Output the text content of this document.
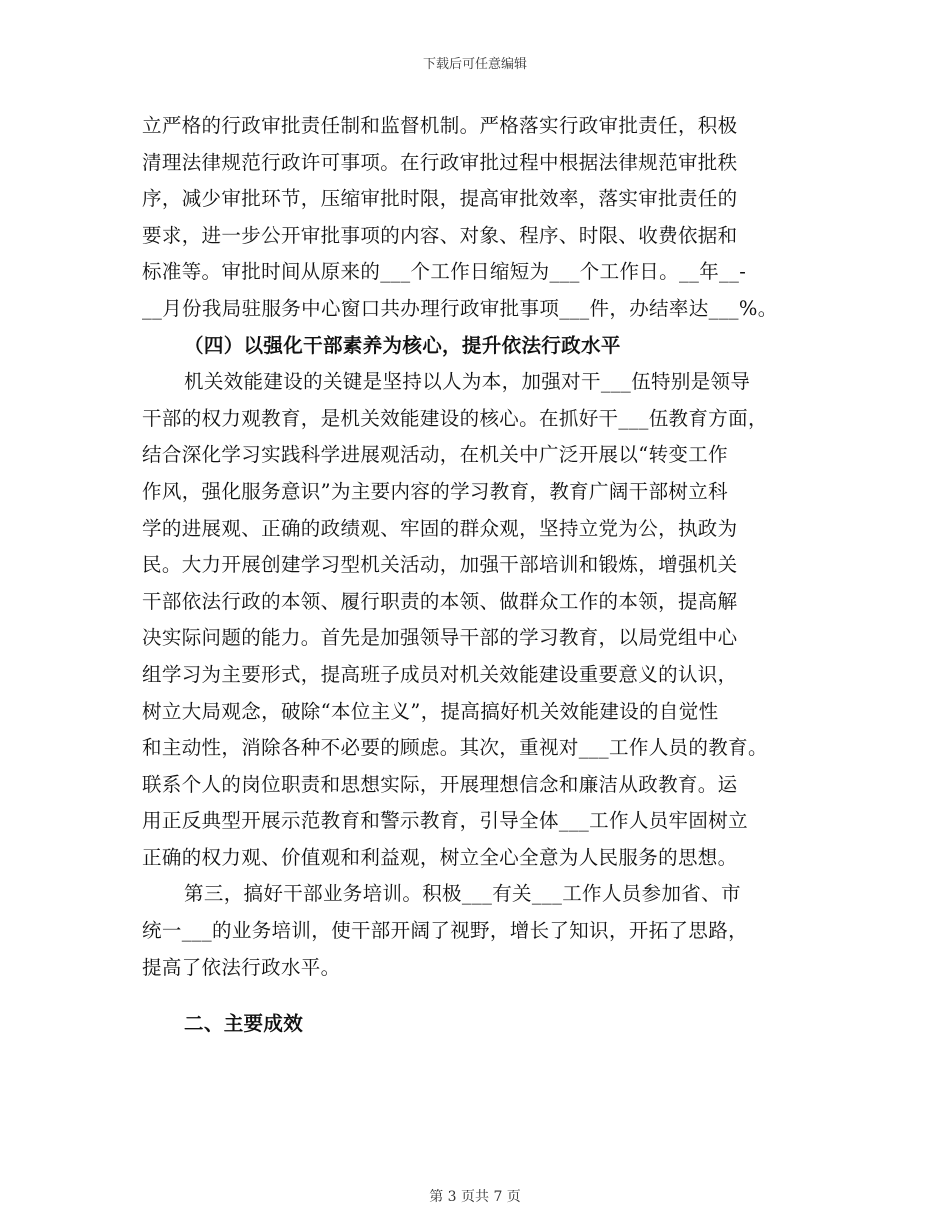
下载后可任意编辑
立严格的行政审批责任制和监督机制。严格落实行政审批责任，积极
清理法律规范行政许可事项。在行政审批过程中根据法律规范审批秩
序，减少审批环节，压缩审批时限，提高审批效率，落实审批责任的
要求，进一步公开审批事项的内容、对象、程序、时限、收费依据和
标准等。审批时间从原来的___个工作日缩短为___个工作日。__年__-
__月份我局驻服务中心窗口共办理行政审批事项___件，办结率达___%。
（四）以强化干部素养为核心，提升依法行政水平
机关效能建设的关键是坚持以人为本，加强对干___伍特别是领导
干部的权力观教育，是机关效能建设的核心。在抓好干___伍教育方面，
结合深化学习实践科学进展观活动，在机关中广泛开展以“转变工作
作风，强化服务意识”为主要内容的学习教育，教育广阔干部树立科
学的进展观、正确的政绩观、牢固的群众观，坚持立党为公，执政为
民。大力开展创建学习型机关活动，加强干部培训和锻炼，增强机关
干部依法行政的本领、履行职责的本领、做群众工作的本领，提高解
决实际问题的能力。首先是加强领导干部的学习教育，以局党组中心
组学习为主要形式，提高班子成员对机关效能建设重要意义的认识，
树立大局观念，破除“本位主义”，提高搞好机关效能建设的自觉性
和主动性，消除各种不必要的顾虑。其次，重视对___工作人员的教育。
联系个人的岗位职责和思想实际，开展理想信念和廉洁从政教育。运
用正反典型开展示范教育和警示教育，引导全体___工作人员牢固树立
正确的权力观、价值观和利益观，树立全心全意为人民服务的思想。
第三，搞好干部业务培训。积极___有关___工作人员参加省、市
统一___的业务培训，使干部开阔了视野，增长了知识，开拓了思路，
提高了依法行政水平。
二、主要成效
第 3 页共 7 页
